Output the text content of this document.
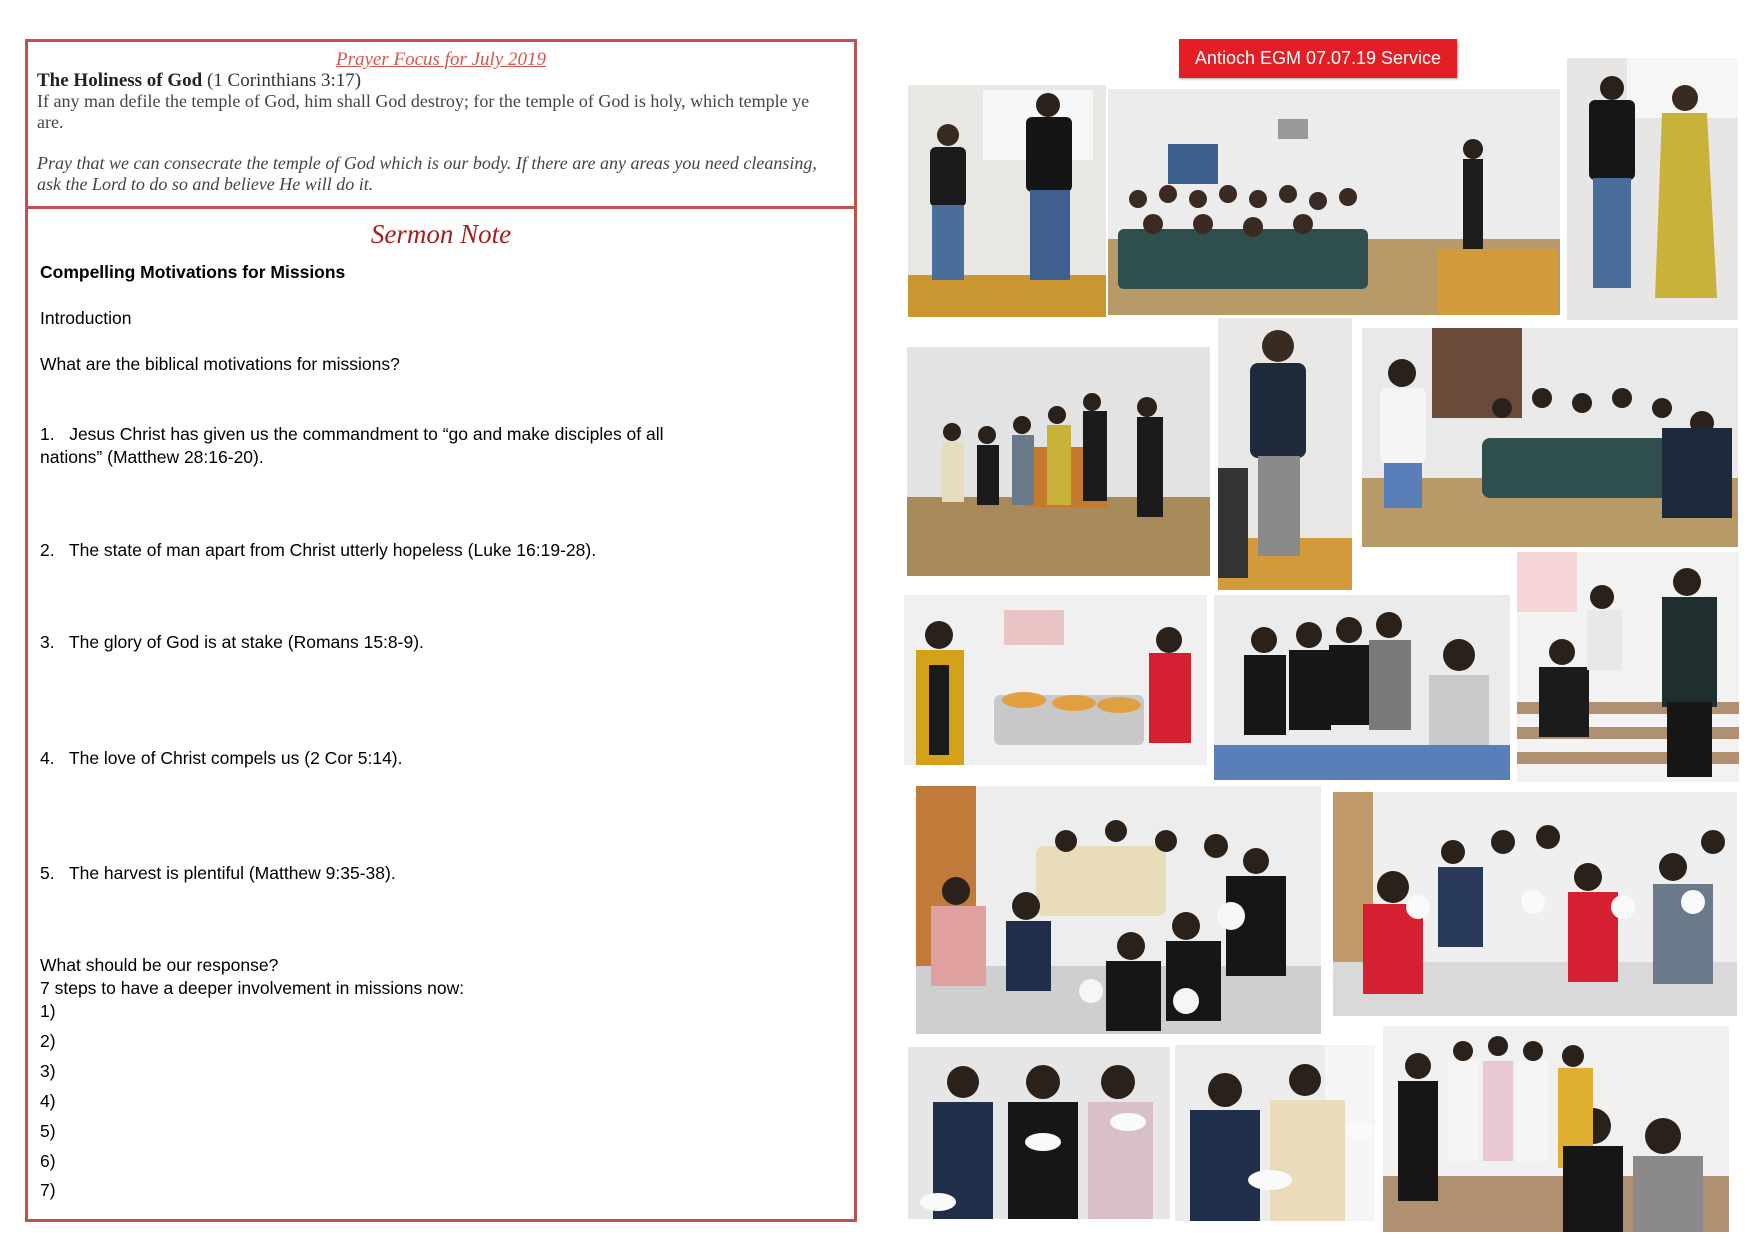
Prayer Focus for July 2019
The Holiness of God (1 Corinthians 3:17)
If any man defile the temple of God, him shall God destroy; for the temple of God is holy, which temple ye are.
Pray that we can consecrate the temple of God which is our body. If there are any areas you need cleansing, ask the Lord to do so and believe He will do it.
Sermon Note
Compelling Motivations for Missions
Introduction
What are the biblical motivations for missions?
1. Jesus Christ has given us the commandment to “go and make disciples of all
nations” (Matthew 28:16-20).
2. The state of man apart from Christ utterly hopeless (Luke 16:19-28).
3. The glory of God is at stake (Romans 15:8-9).
4. The love of Christ compels us (2 Cor 5:14).
5. The harvest is plentiful (Matthew 9:35-38).
What should be our response?
7 steps to have a deeper involvement in missions now:
1)
2)
3)
4)
5)
6)
7)
Antioch EGM 07.07.19 Service
